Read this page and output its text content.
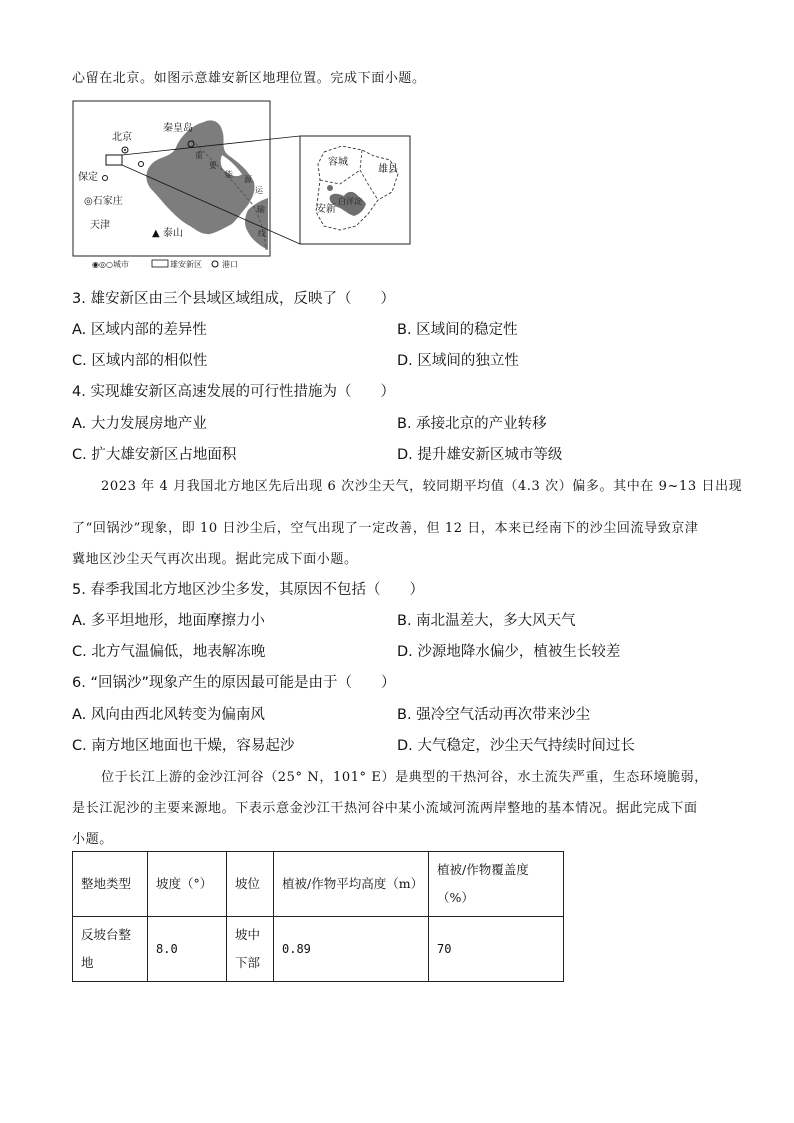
心留在北京。如图示意雄安新区地理位置。完成下面小题。
北京
秦皇岛
保定
◎石家庄
天津
▲ 泰山
重
要
能
源
运
输
线
容城
雄县
安新
白洋淀
◉◎○城市	雄安新区	港口
3. 雄安新区由三个县域区域组成，反映了（　　）
A. 区域内部的差异性	B. 区域间的稳定性
C. 区域内部的相似性	D. 区域间的独立性
4. 实现雄安新区高速发展的可行性措施为（　　）
A. 大力发展房地产业	B. 承接北京的产业转移
C. 扩大雄安新区占地面积	D. 提升雄安新区城市等级
2023 年 4 月我国北方地区先后出现 6 次沙尘天气，较同期平均值（4.3 次）偏多。其中在 9~13 日出现
了“回锅沙”现象，即 10 日沙尘后，空气出现了一定改善，但 12 日，本来已经南下的沙尘回流导致京津
冀地区沙尘天气再次出现。据此完成下面小题。
5. 春季我国北方地区沙尘多发，其原因不包括（　　）
A. 多平坦地形，地面摩擦力小	B. 南北温差大，多大风天气
C. 北方气温偏低，地表解冻晚	D. 沙源地降水偏少，植被生长较差
6. “回锅沙”现象产生的原因最可能是由于（　　）
A. 风向由西北风转变为偏南风	B. 强冷空气活动再次带来沙尘
C. 南方地区地面也干燥，容易起沙	D. 大气稳定，沙尘天气持续时间过长
位于长江上游的金沙江河谷（25° N，101° E）是典型的干热河谷，水土流失严重，生态环境脆弱，
是长江泥沙的主要来源地。下表示意金沙江干热河谷中某小流域河流两岸整地的基本情况。据此完成下面
小题。
整地类型	坡度（°）	坡位	植被/作物平均高度（m）	植被/作物覆盖度（%）
反坡台整地	8.0	坡中下部	0.89	70
